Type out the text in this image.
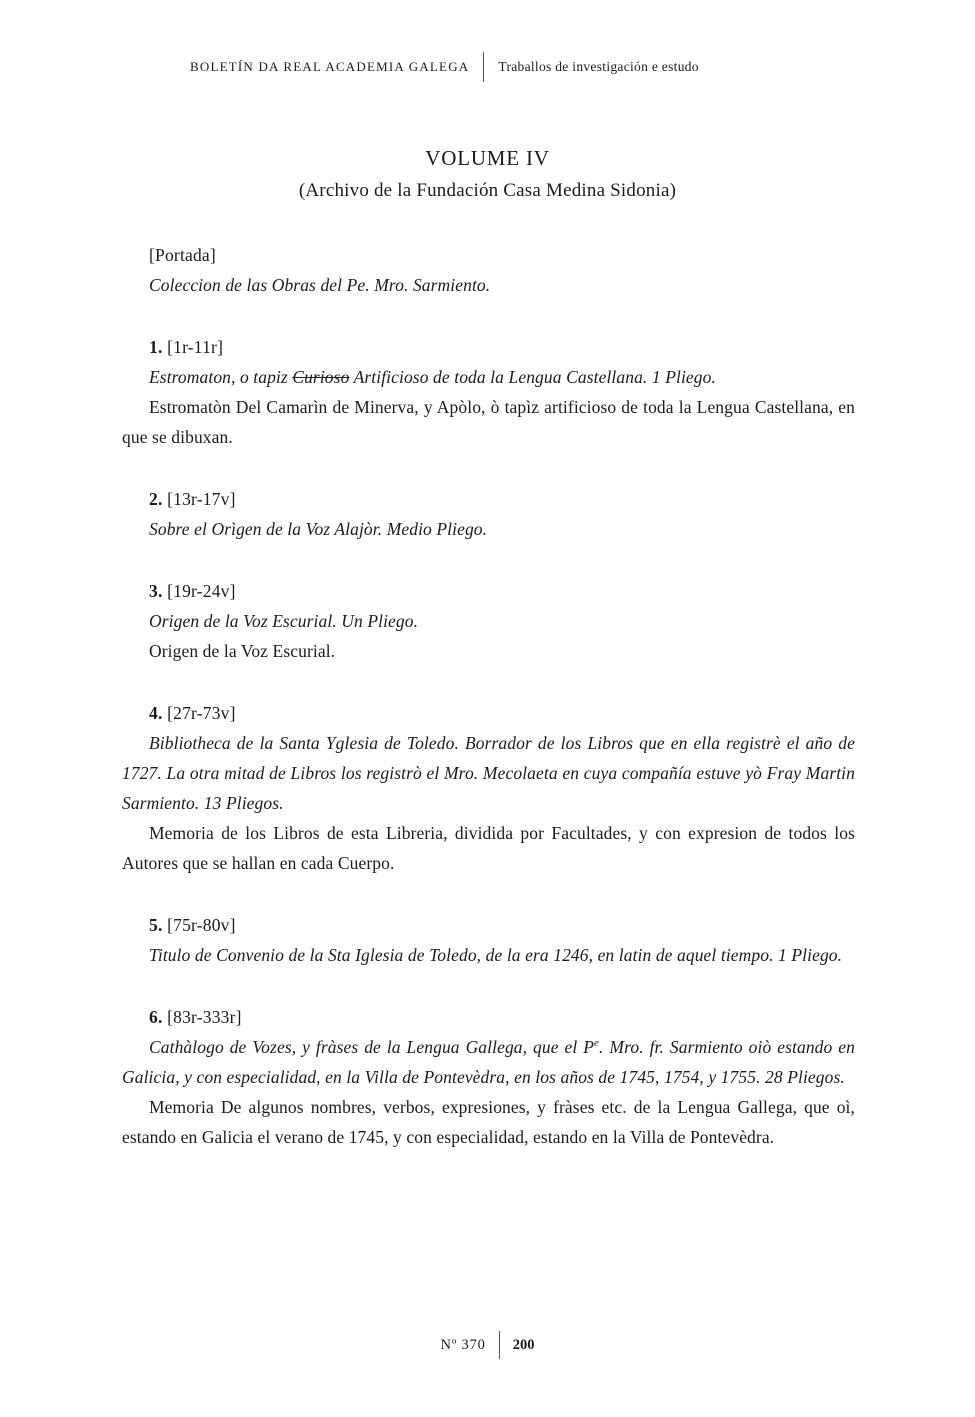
BOLETÍN DA REAL ACADEMIA GALEGA Traballos de investigación e estudo
VOLUME IV
(Archivo de la Fundación Casa Medina Sidonia)
[Portada]

Coleccion de las Obras del Pe. Mro. Sarmiento.

1. [1r-11r]

Estromaton, o tapiz Curioso Artificioso de toda la Lengua Castellana. 1 Pliego.

Estromatòn Del Camarìn de Minerva, y Apòlo, ò tapìz artificioso de toda la Lengua Castellana, en que se dibuxan.

2. [13r-17v]

Sobre el Orìgen de la Voz Alajòr. Medio Pliego.

3. [19r-24v]

Origen de la Voz Escurial. Un Pliego.

Origen de la Voz Escurial.

4. [27r-73v]

Bibliotheca de la Santa Yglesia de Toledo. Borrador de los Libros que en ella registrè el año de 1727. La otra mitad de Libros los registrò el Mro. Mecolaeta en cuya compañía estuve yò Fray Martin Sarmiento. 13 Pliegos.

Memoria de los Libros de esta Libreria, dividida por Facultades, y con expresion de todos los Autores que se hallan en cada Cuerpo.

5. [75r-80v]

Titulo de Convenio de la Sta Iglesia de Toledo, de la era 1246, en latin de aquel tiempo. 1 Pliego.

6. [83r-333r]

Cathàlogo de Vozes, y fràses de la Lengua Gallega, que el $P^e$. Mro. fr. Sarmiento oiò estando en Galicia, y con especialidad, en la Villa de Pontevèdra, en los años de 1745, 1754, y 1755. 28 Pliegos.

Memoria De algunos nombres, verbos, expresiones, y fràses etc. de la Lengua Gallega, que oì, estando en Galicia el verano de 1745, y con especialidad, estando en la Villa de Pontevèdra.

Nº 370 200
